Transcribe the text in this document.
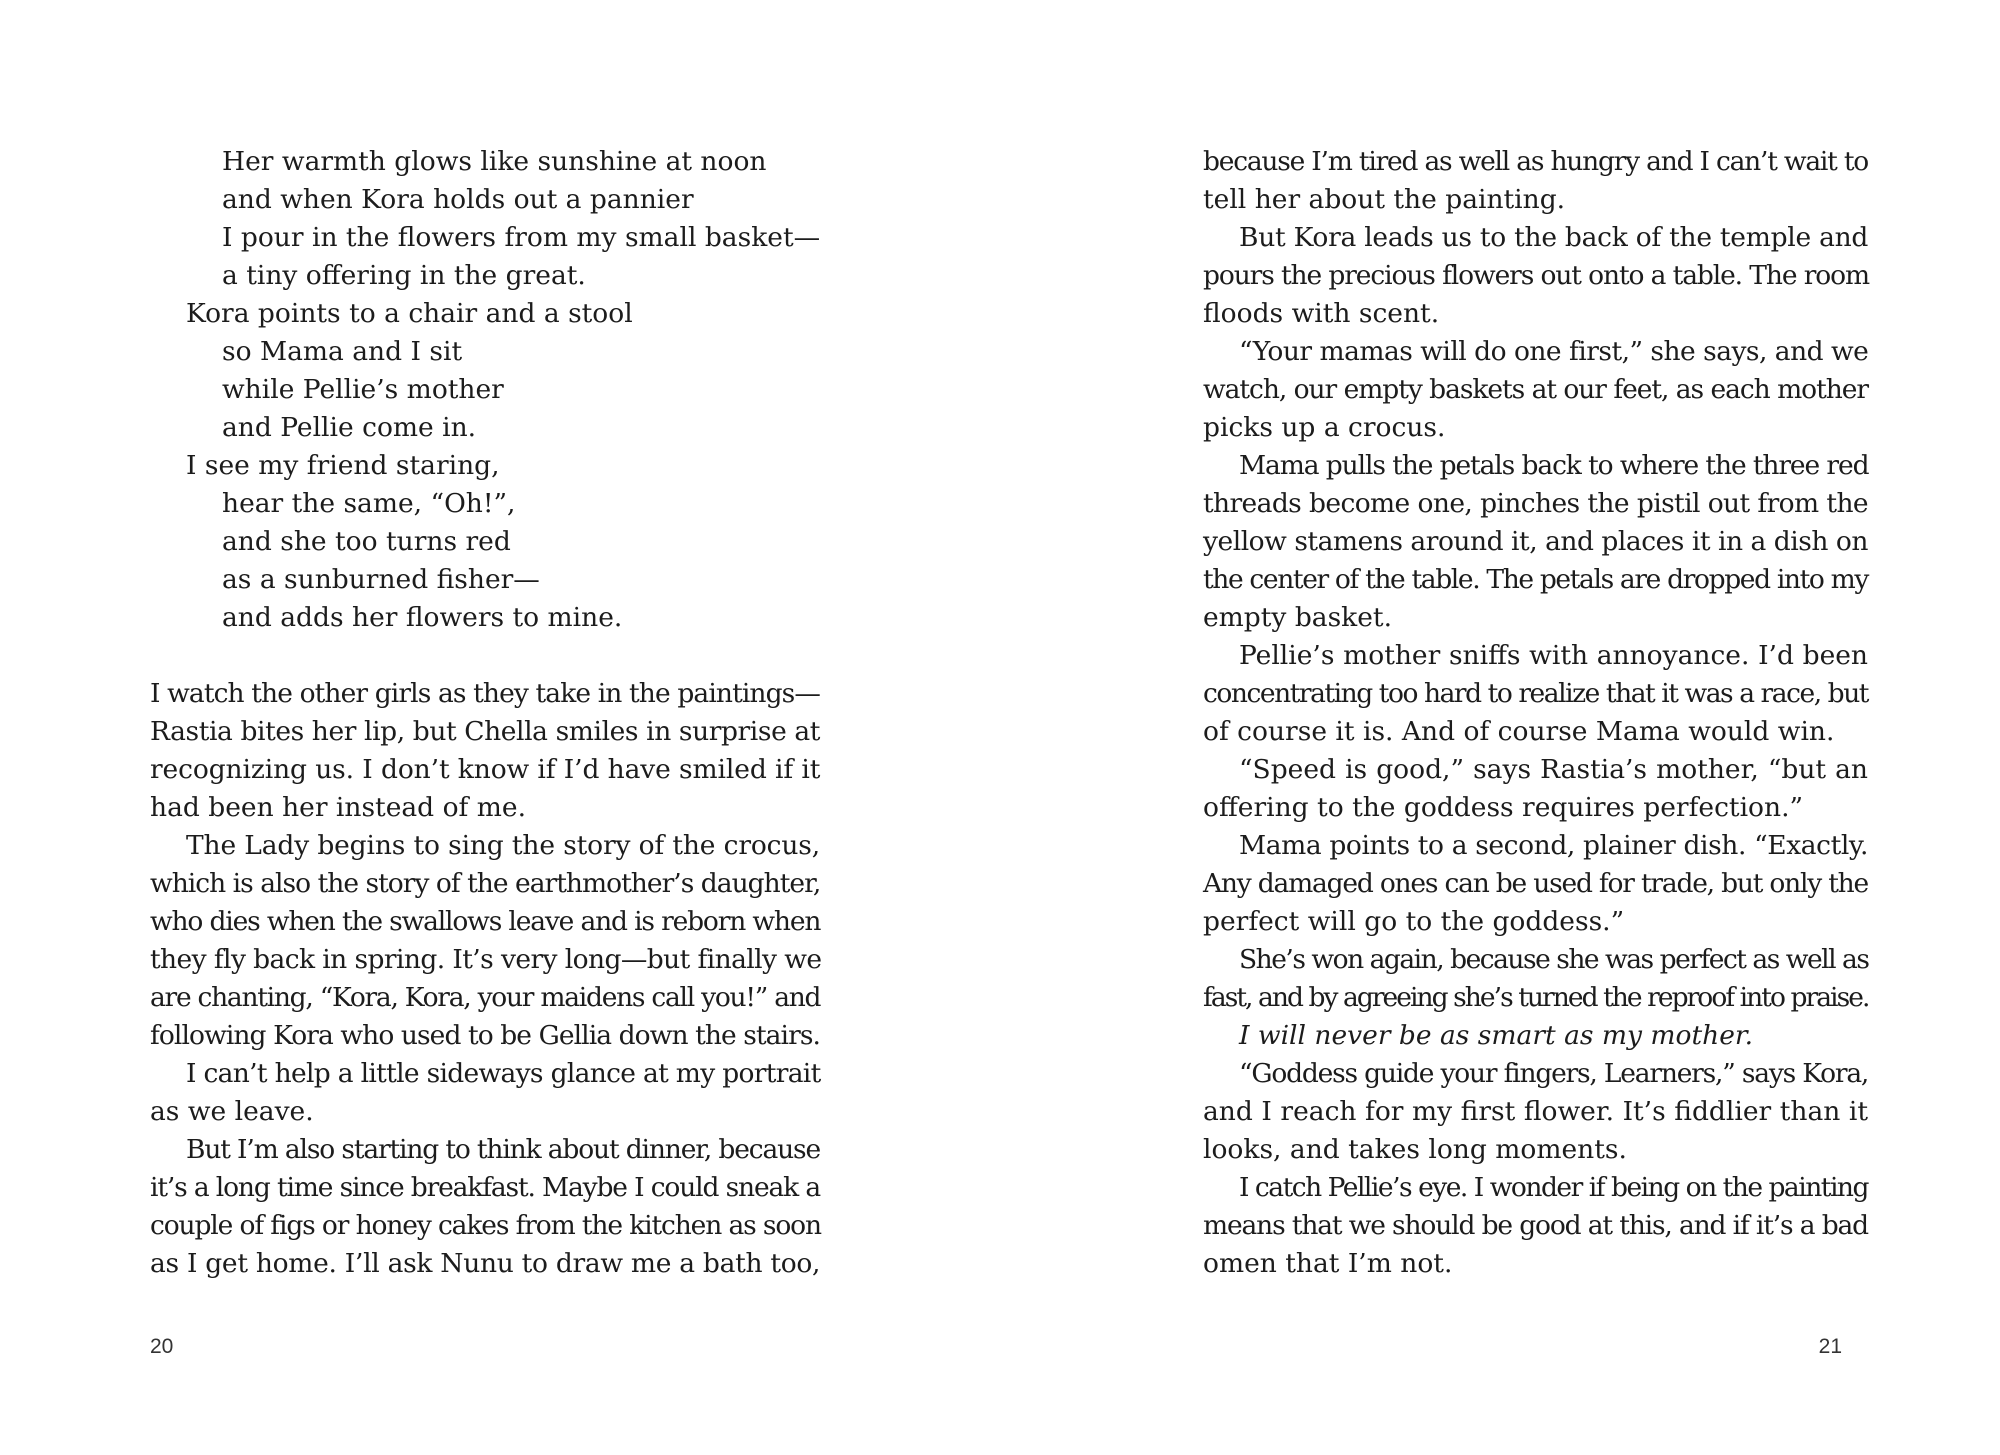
Her warmth glows like sunshine at noon
and when Kora holds out a pannier
I pour in the flowers from my small basket—
a tiny offering in the great.
Kora points to a chair and a stool
so Mama and I sit
while Pellie’s mother
and Pellie come in.
I see my friend staring,
hear the same, “Oh!”,
and she too turns red
as a sunburned fisher—
and adds her flowers to mine.
I watch the other girls as they take in the paintings—
Rastia bites her lip, but Chella smiles in surprise at
recognizing us. I don’t know if I’d have smiled if it
had been her instead of me.
The Lady begins to sing the story of the crocus,
which is also the story of the earthmother’s daughter,
who dies when the swallows leave and is reborn when
they fly back in spring. It’s very long—but finally we
are chanting, “Kora, Kora, your maidens call you!” and
following Kora who used to be Gellia down the stairs.
I can’t help a little sideways glance at my portrait
as we leave.
But I’m also starting to think about dinner, because
it’s a long time since breakfast. Maybe I could sneak a
couple of figs or honey cakes from the kitchen as soon
as I get home. I’ll ask Nunu to draw me a bath too,
20
because I’m tired as well as hungry and I can’t wait to
tell her about the painting.
But Kora leads us to the back of the temple and
pours the precious flowers out onto a table. The room
floods with scent.
“Your mamas will do one first,” she says, and we
watch, our empty baskets at our feet, as each mother
picks up a crocus.
Mama pulls the petals back to where the three red
threads become one, pinches the pistil out from the
yellow stamens around it, and places it in a dish on
the center of the table. The petals are dropped into my
empty basket.
Pellie’s mother sniffs with annoyance. I’d been
concentrating too hard to realize that it was a race, but
of course it is. And of course Mama would win.
“Speed is good,” says Rastia’s mother, “but an
offering to the goddess requires perfection.”
Mama points to a second, plainer dish. “Exactly.
Any damaged ones can be used for trade, but only the
perfect will go to the goddess.”
She’s won again, because she was perfect as well as
fast, and by agreeing she’s turned the reproof into praise.
I will never be as smart as my mother.
“Goddess guide your fingers, Learners,” says Kora,
and I reach for my first flower. It’s fiddlier than it
looks, and takes long moments.
I catch Pellie’s eye. I wonder if being on the painting
means that we should be good at this, and if it’s a bad
omen that I’m not.
21
